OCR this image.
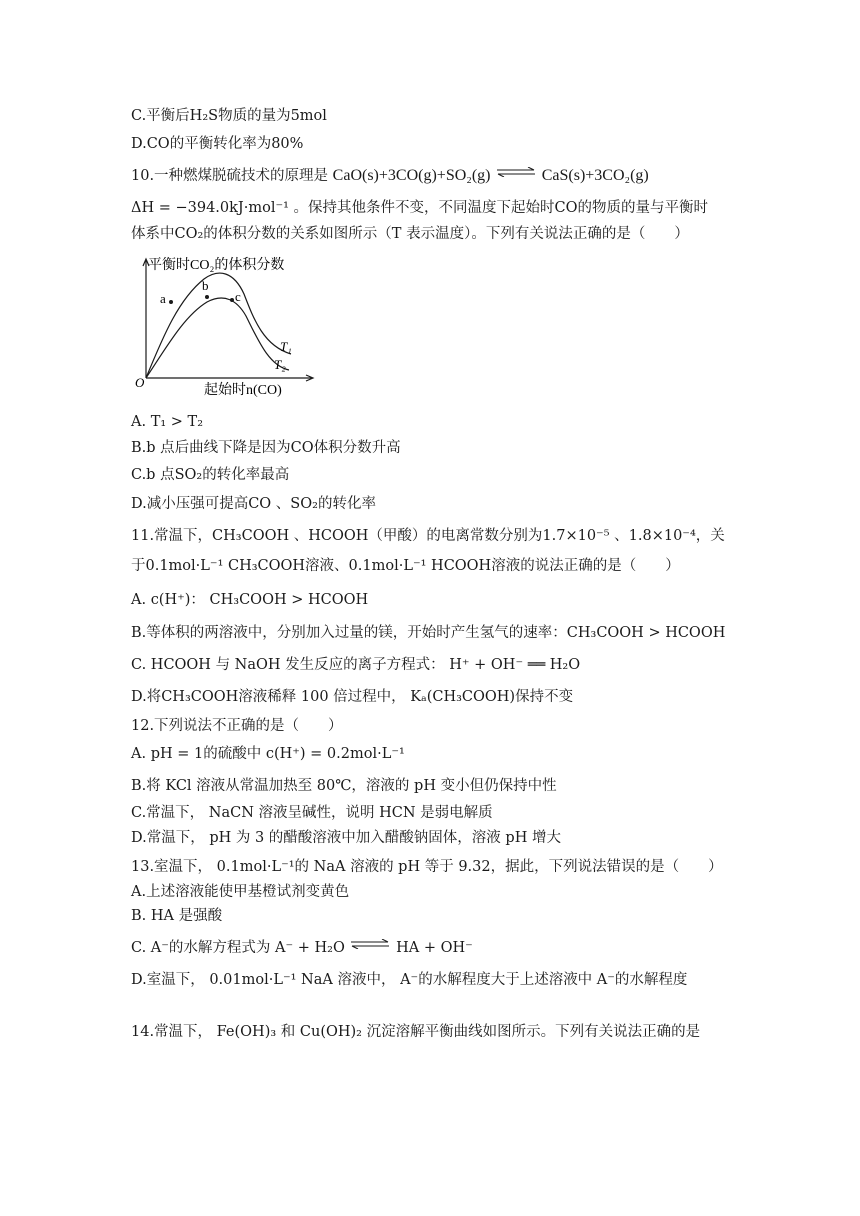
C.平衡后H₂S物质的量为5mol
D.CO的平衡转化率为80%
10.一种燃煤脱硫技术的原理是 CaO(s)+3CO(g)+SO₂(g) ⇌ CaS(s)+3CO₂(g)
ΔH = −394.0kJ·mol⁻¹ 。保持其他条件不变，不同温度下起始时CO的物质的量与平衡时
体系中CO₂的体积分数的关系如图所示（T 表示温度）。下列有关说法正确的是（　　）
平衡时CO₂的体积分数
起始时n(CO)
O
a
b
c
T₁
T₂
A. T₁ > T₂
B.b 点后曲线下降是因为CO体积分数升高
C.b 点SO₂的转化率最高
D.减小压强可提高CO 、SO₂的转化率
11.常温下，CH₃COOH 、HCOOH（甲酸）的电离常数分别为1.7×10⁻⁵ 、1.8×10⁻⁴，关
于0.1mol·L⁻¹ CH₃COOH溶液、0.1mol·L⁻¹ HCOOH溶液的说法正确的是（　　）
A. c(H⁺)： CH₃COOH > HCOOH
B.等体积的两溶液中，分别加入过量的镁，开始时产生氢气的速率：CH₃COOH > HCOOH
C. HCOOH 与 NaOH 发生反应的离子方程式： H⁺ + OH⁻ ══ H₂O
D.将CH₃COOH溶液稀释 100 倍过程中， Kₐ(CH₃COOH)保持不变
12.下列说法不正确的是（　　）
A. pH = 1的硫酸中 c(H⁺) = 0.2mol·L⁻¹
B.将 KCl 溶液从常温加热至 80℃，溶液的 pH 变小但仍保持中性
C.常温下， NaCN 溶液呈碱性，说明 HCN 是弱电解质
D.常温下， pH 为 3 的醋酸溶液中加入醋酸钠固体，溶液 pH 增大
13.室温下， 0.1mol·L⁻¹的 NaA 溶液的 pH 等于 9.32，据此，下列说法错误的是（　　）
A.上述溶液能使甲基橙试剂变黄色
B. HA 是强酸
C. A⁻的水解方程式为 A⁻ + H₂O ⇌ HA + OH⁻
D.室温下， 0.01mol·L⁻¹ NaA 溶液中， A⁻的水解程度大于上述溶液中 A⁻的水解程度
14.常温下， Fe(OH)₃ 和 Cu(OH)₂ 沉淀溶解平衡曲线如图所示。下列有关说法正确的是
